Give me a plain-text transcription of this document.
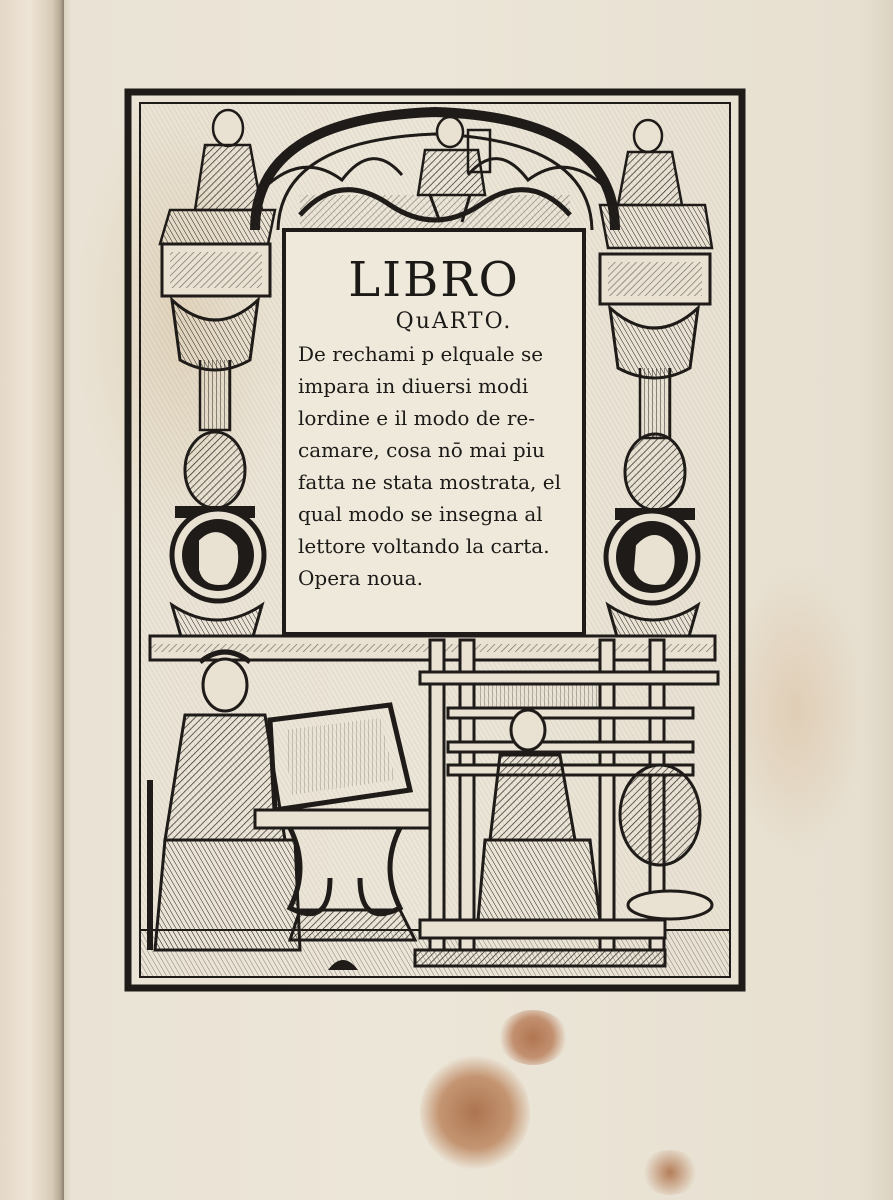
LIBRO
QuARTO.
De rechami p elquale se
impara in diuersi modi
lordine e il modo de re-
camare, cosa nō mai piu
fatta ne stata mostrata, el
qual modo se insegna al
lettore voltando la carta.
Opera noua.
